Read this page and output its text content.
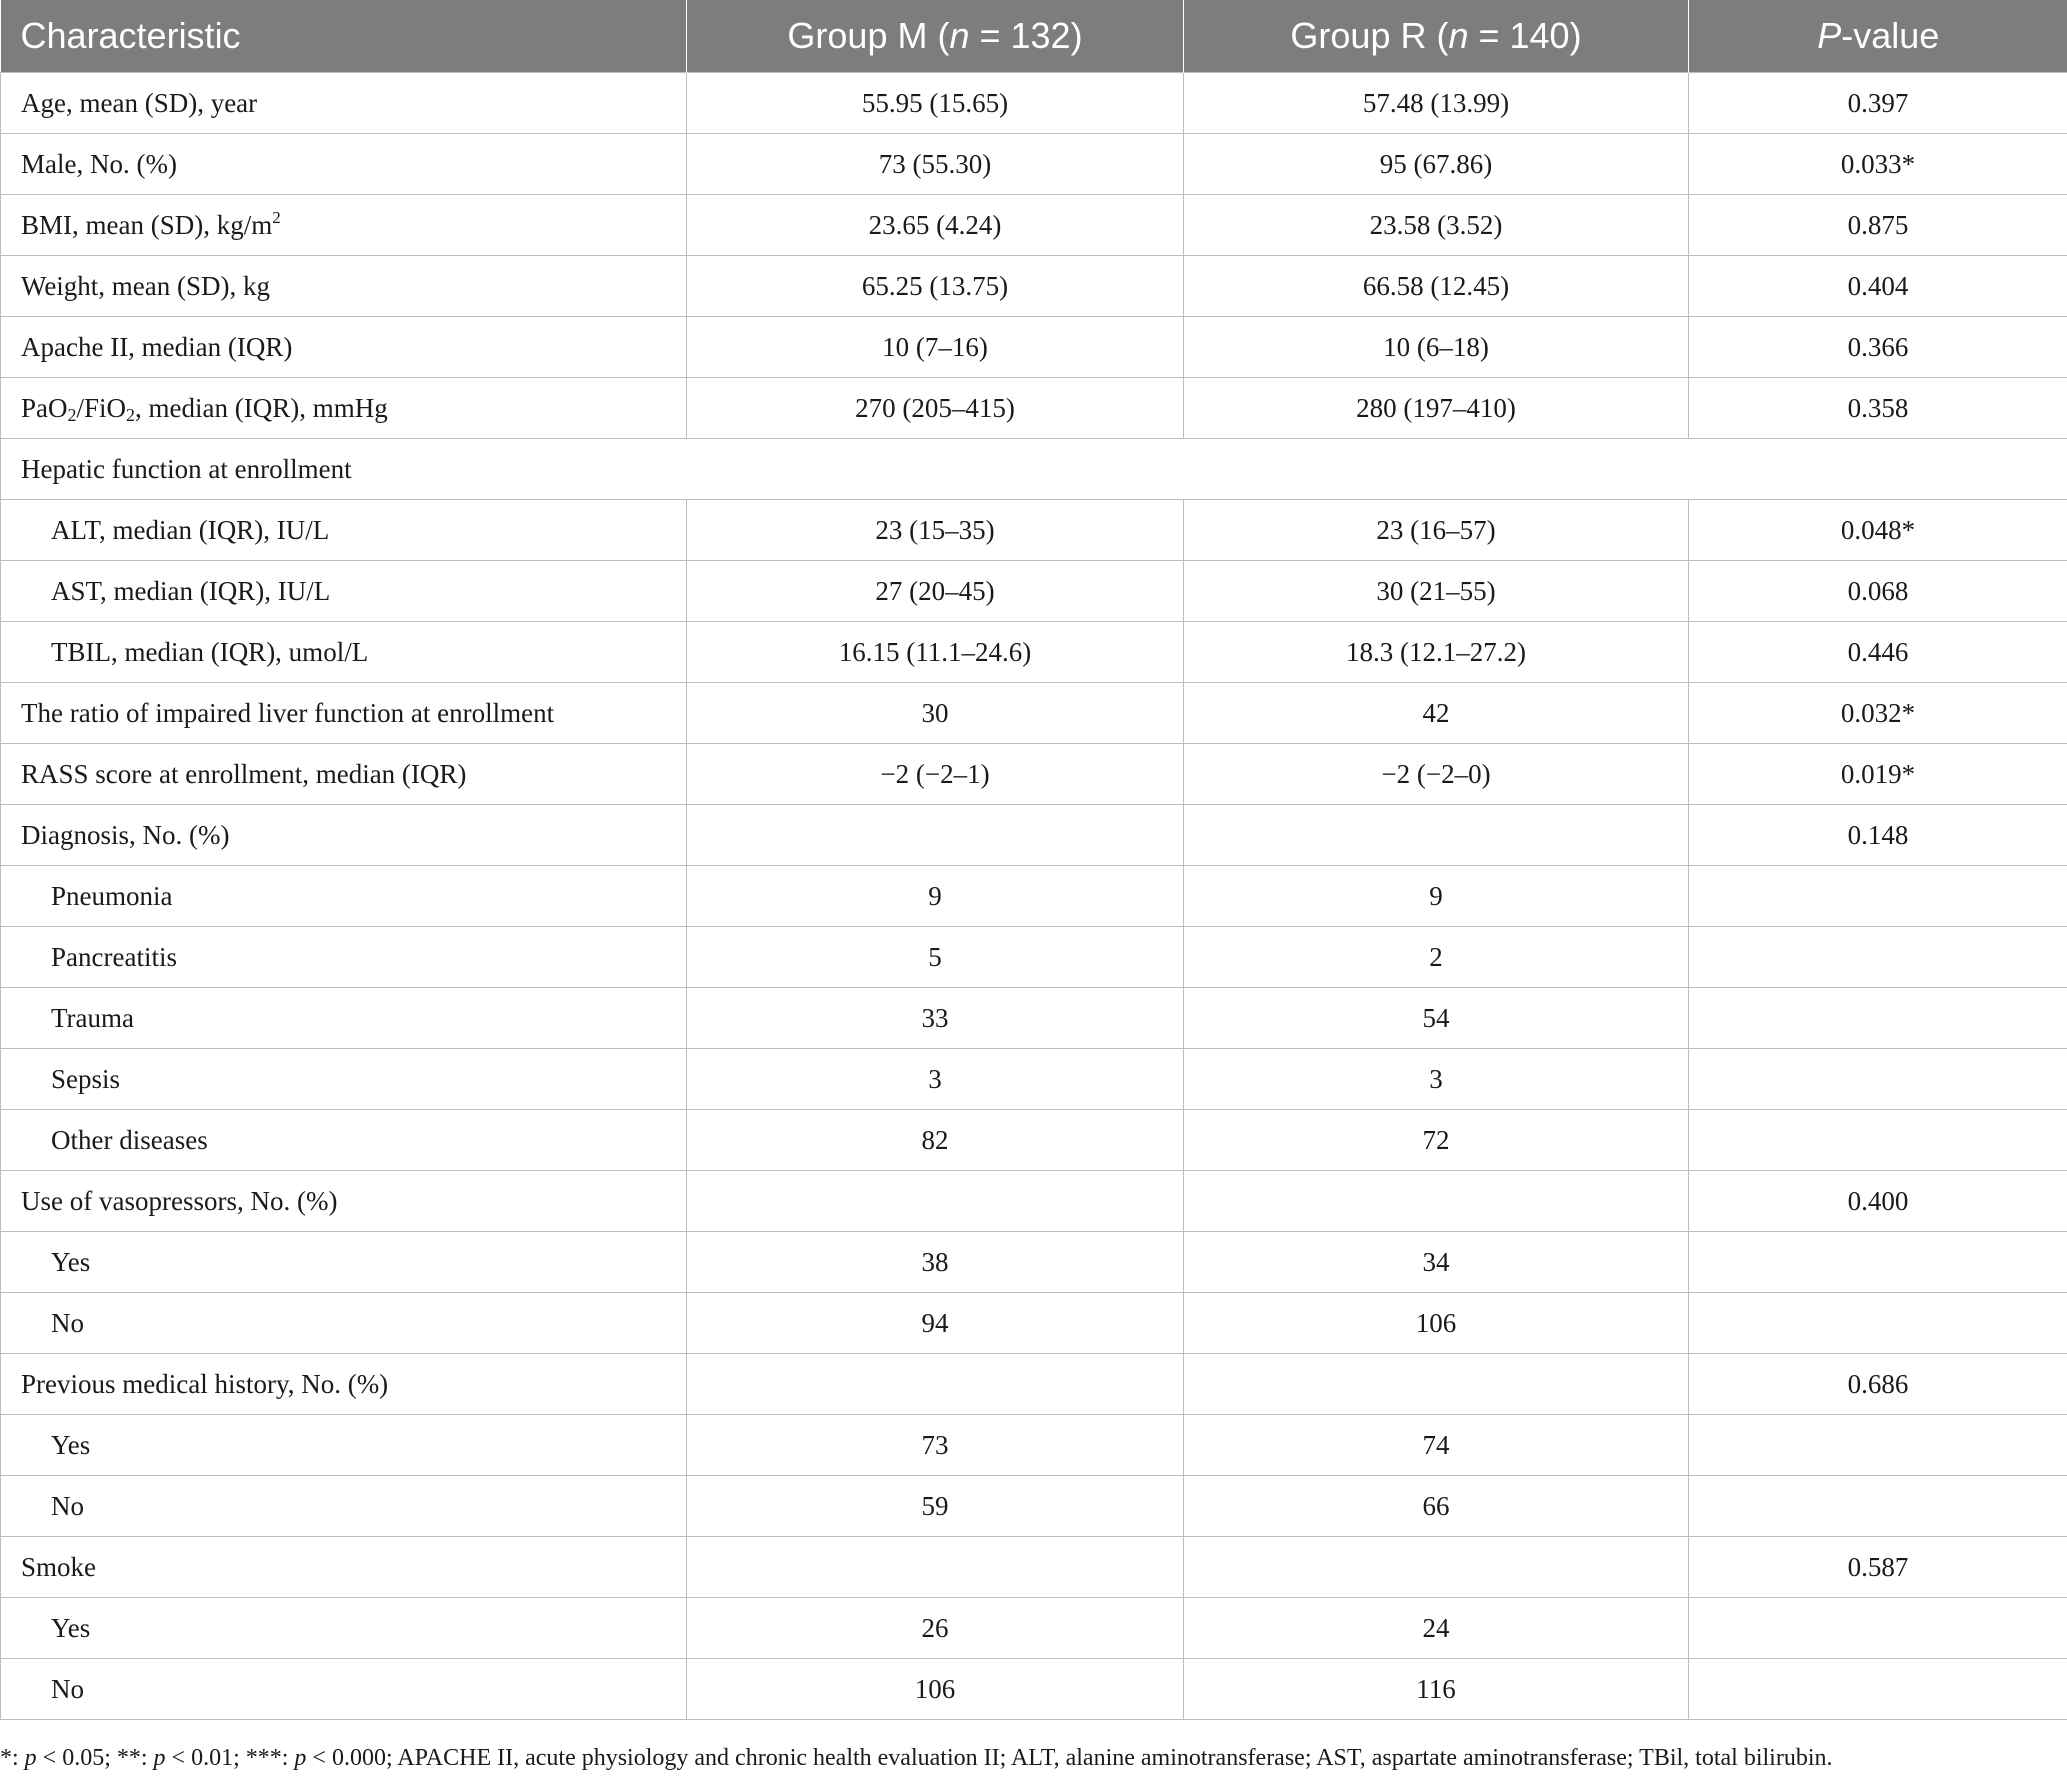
Characteristic	Group M (n = 132)	Group R (n = 140)	P-value
Age, mean (SD), year	55.95 (15.65)	57.48 (13.99)	0.397
Male, No. (%)	73 (55.30)	95 (67.86)	0.033*
BMI, mean (SD), $kg/m^2$	23.65 (4.24)	23.58 (3.52)	0.875
Weight, mean (SD), kg	65.25 (13.75)	66.58 (12.45)	0.404
Apache II, median (IQR)	10 (7–16)	10 (6–18)	0.366
PaO$_2$/FiO$_2$, median (IQR), mmHg	270 (205–415)	280 (197–410)	0.358
Hepatic function at enrollment			
ALT, median (IQR), IU/L	23 (15–35)	23 (16–57)	0.048*
AST, median (IQR), IU/L	27 (20–45)	30 (21–55)	0.068
TBIL, median (IQR), umol/L	16.15 (11.1–24.6)	18.3 (12.1–27.2)	0.446
The ratio of impaired liver function at enrollment	30	42	0.032*
RASS score at enrollment, median (IQR)	−2 (−2–1)	−2 (−2–0)	0.019*
Diagnosis, No. (%)			0.148
Pneumonia	9	9	
Pancreatitis	5	2	
Trauma	33	54	
Sepsis	3	3	
Other diseases	82	72	
Use of vasopressors, No. (%)			0.400
Yes	38	34	
No	94	106	
Previous medical history, No. (%)			0.686
Yes	73	74	
No	59	66	
Smoke			0.587
Yes	26	24	
No	106	116	
*: p < 0.05; **: p < 0.01; ***: p < 0.000; APACHE II, acute physiology and chronic health evaluation II; ALT, alanine aminotransferase; AST, aspartate aminotransferase; TBil, total bilirubin.
